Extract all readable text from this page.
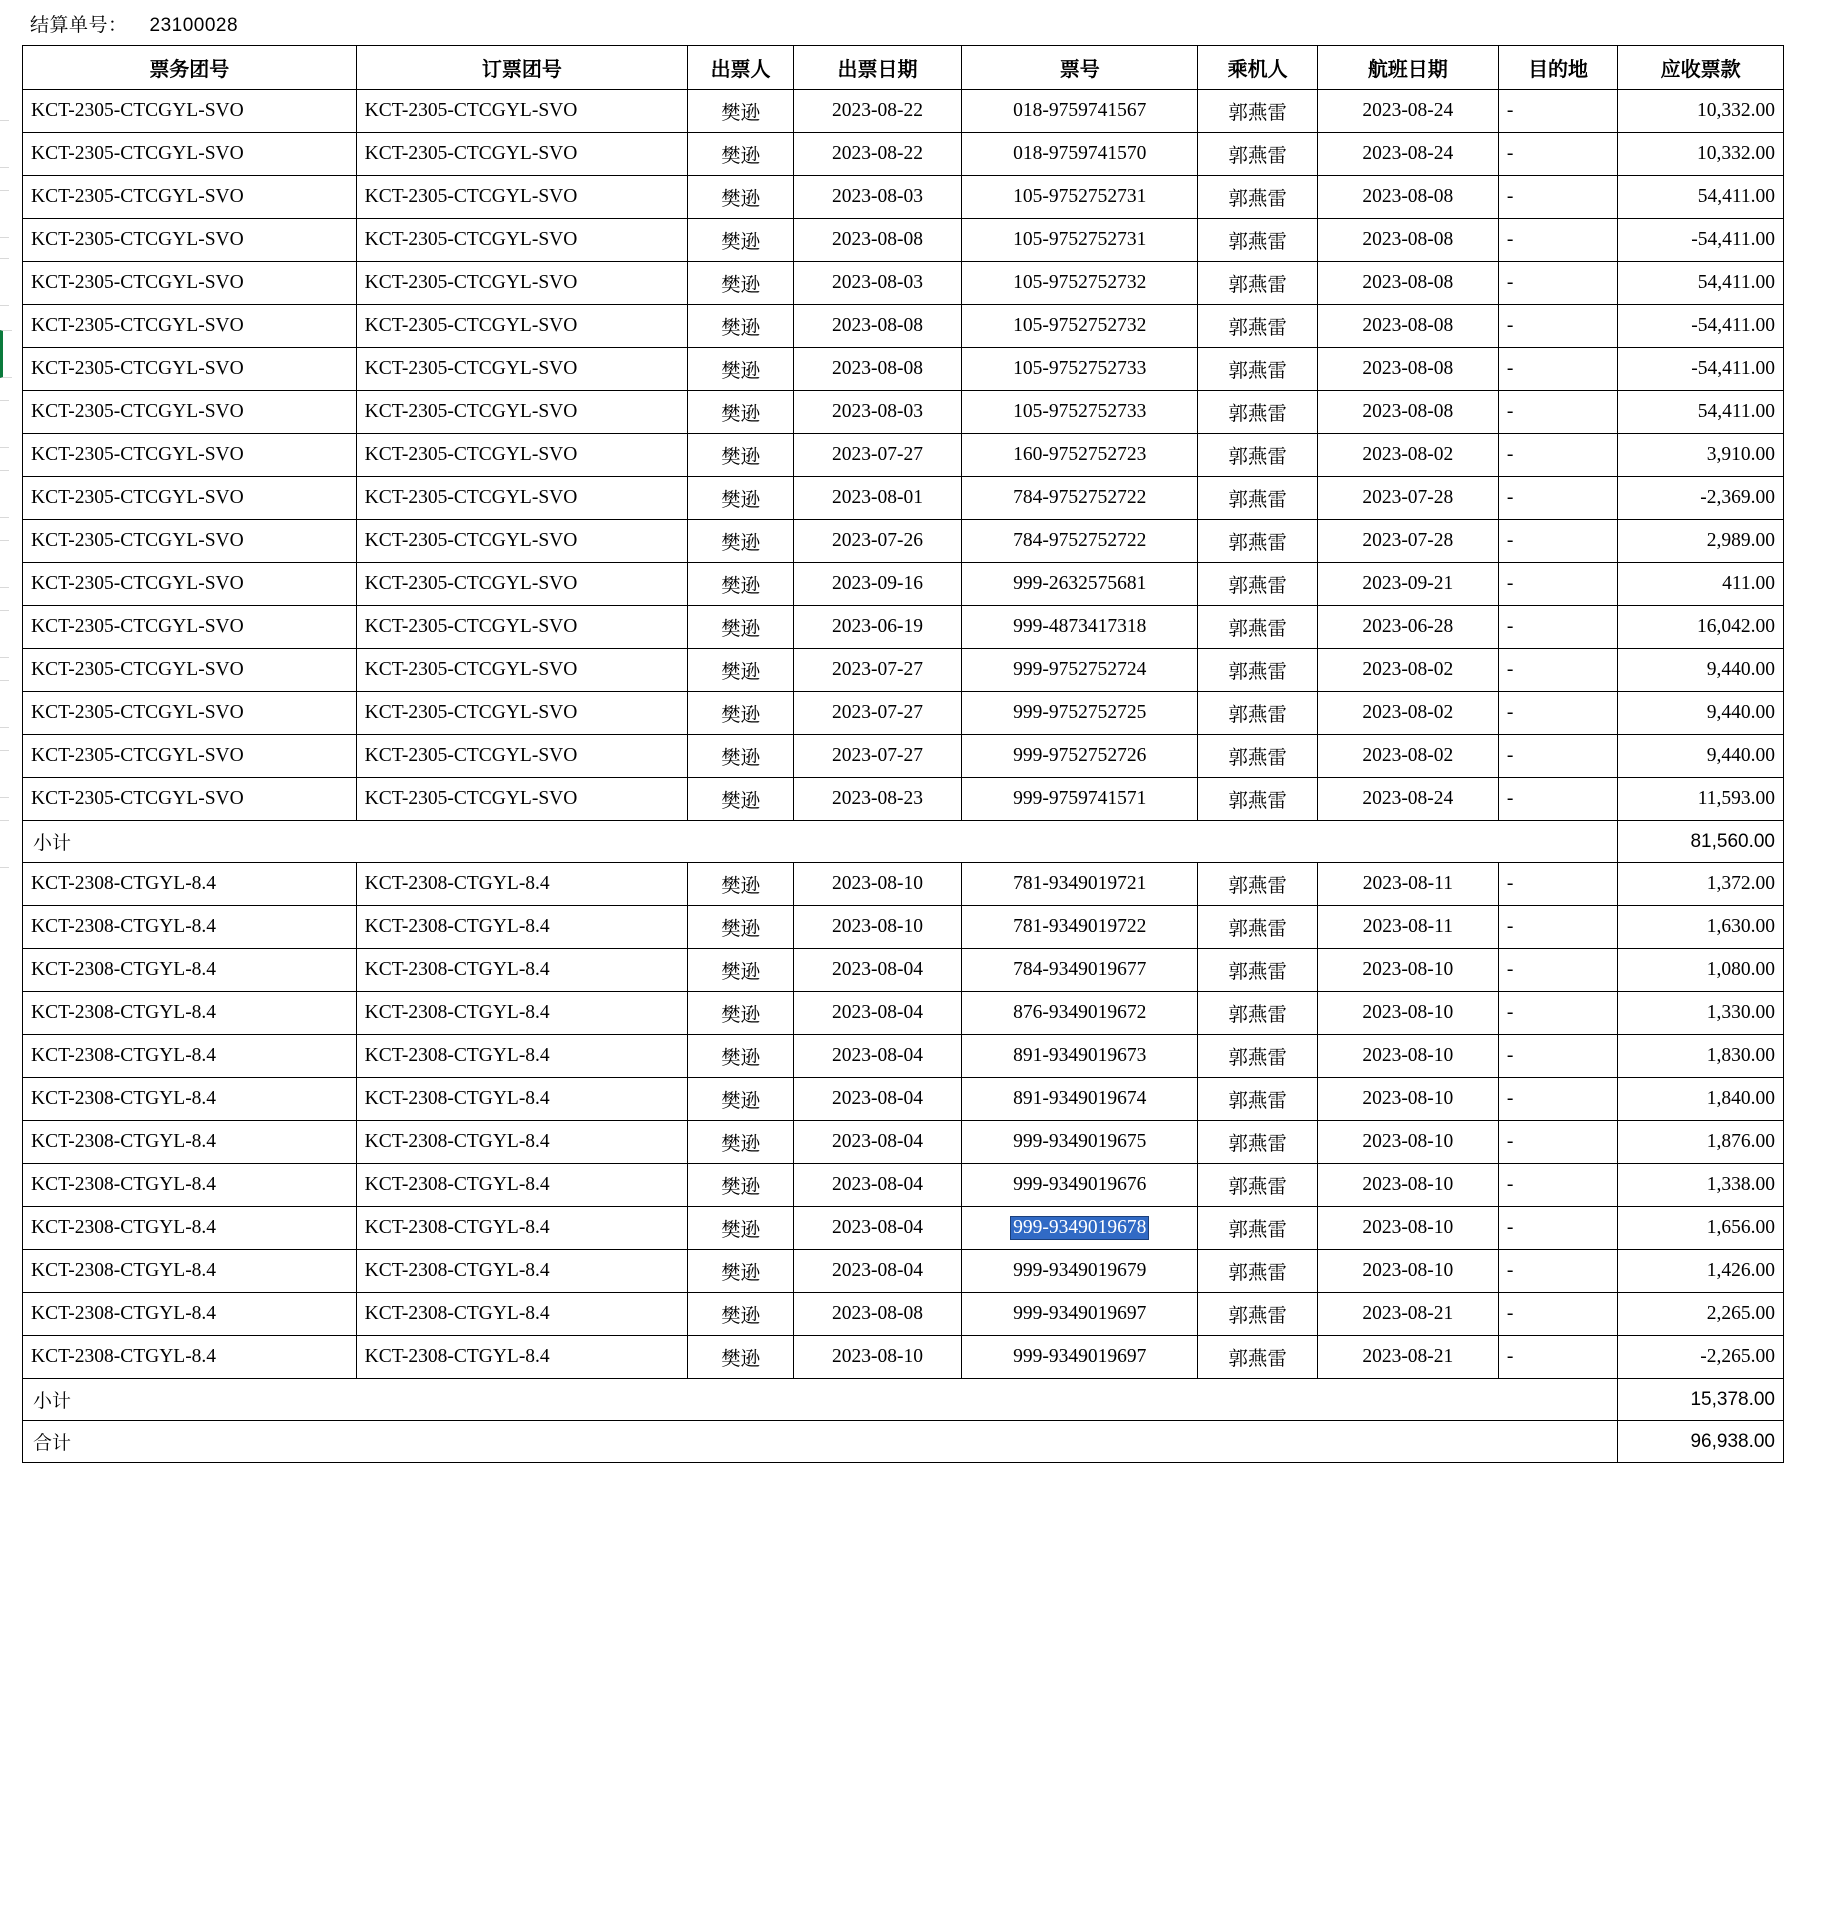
结算单号： 23100028
票务团号	订票团号	出票人	出票日期	票号	乘机人	航班日期	目的地	应收票款
KCT-2305-CTCGYL-SVO	KCT-2305-CTCGYL-SVO	樊逊	2023-08-22	018-9759741567	郭燕雷	2023-08-24	-	10,332.00
KCT-2305-CTCGYL-SVO	KCT-2305-CTCGYL-SVO	樊逊	2023-08-22	018-9759741570	郭燕雷	2023-08-24	-	10,332.00
KCT-2305-CTCGYL-SVO	KCT-2305-CTCGYL-SVO	樊逊	2023-08-03	105-9752752731	郭燕雷	2023-08-08	-	54,411.00
KCT-2305-CTCGYL-SVO	KCT-2305-CTCGYL-SVO	樊逊	2023-08-08	105-9752752731	郭燕雷	2023-08-08	-	-54,411.00
KCT-2305-CTCGYL-SVO	KCT-2305-CTCGYL-SVO	樊逊	2023-08-03	105-9752752732	郭燕雷	2023-08-08	-	54,411.00
KCT-2305-CTCGYL-SVO	KCT-2305-CTCGYL-SVO	樊逊	2023-08-08	105-9752752732	郭燕雷	2023-08-08	-	-54,411.00
KCT-2305-CTCGYL-SVO	KCT-2305-CTCGYL-SVO	樊逊	2023-08-08	105-9752752733	郭燕雷	2023-08-08	-	-54,411.00
KCT-2305-CTCGYL-SVO	KCT-2305-CTCGYL-SVO	樊逊	2023-08-03	105-9752752733	郭燕雷	2023-08-08	-	54,411.00
KCT-2305-CTCGYL-SVO	KCT-2305-CTCGYL-SVO	樊逊	2023-07-27	160-9752752723	郭燕雷	2023-08-02	-	3,910.00
KCT-2305-CTCGYL-SVO	KCT-2305-CTCGYL-SVO	樊逊	2023-08-01	784-9752752722	郭燕雷	2023-07-28	-	-2,369.00
KCT-2305-CTCGYL-SVO	KCT-2305-CTCGYL-SVO	樊逊	2023-07-26	784-9752752722	郭燕雷	2023-07-28	-	2,989.00
KCT-2305-CTCGYL-SVO	KCT-2305-CTCGYL-SVO	樊逊	2023-09-16	999-2632575681	郭燕雷	2023-09-21	-	411.00
KCT-2305-CTCGYL-SVO	KCT-2305-CTCGYL-SVO	樊逊	2023-06-19	999-4873417318	郭燕雷	2023-06-28	-	16,042.00
KCT-2305-CTCGYL-SVO	KCT-2305-CTCGYL-SVO	樊逊	2023-07-27	999-9752752724	郭燕雷	2023-08-02	-	9,440.00
KCT-2305-CTCGYL-SVO	KCT-2305-CTCGYL-SVO	樊逊	2023-07-27	999-9752752725	郭燕雷	2023-08-02	-	9,440.00
KCT-2305-CTCGYL-SVO	KCT-2305-CTCGYL-SVO	樊逊	2023-07-27	999-9752752726	郭燕雷	2023-08-02	-	9,440.00
KCT-2305-CTCGYL-SVO	KCT-2305-CTCGYL-SVO	樊逊	2023-08-23	999-9759741571	郭燕雷	2023-08-24	-	11,593.00
小计								81,560.00
KCT-2308-CTGYL-8.4	KCT-2308-CTGYL-8.4	樊逊	2023-08-10	781-9349019721	郭燕雷	2023-08-11	-	1,372.00
KCT-2308-CTGYL-8.4	KCT-2308-CTGYL-8.4	樊逊	2023-08-10	781-9349019722	郭燕雷	2023-08-11	-	1,630.00
KCT-2308-CTGYL-8.4	KCT-2308-CTGYL-8.4	樊逊	2023-08-04	784-9349019677	郭燕雷	2023-08-10	-	1,080.00
KCT-2308-CTGYL-8.4	KCT-2308-CTGYL-8.4	樊逊	2023-08-04	876-9349019672	郭燕雷	2023-08-10	-	1,330.00
KCT-2308-CTGYL-8.4	KCT-2308-CTGYL-8.4	樊逊	2023-08-04	891-9349019673	郭燕雷	2023-08-10	-	1,830.00
KCT-2308-CTGYL-8.4	KCT-2308-CTGYL-8.4	樊逊	2023-08-04	891-9349019674	郭燕雷	2023-08-10	-	1,840.00
KCT-2308-CTGYL-8.4	KCT-2308-CTGYL-8.4	樊逊	2023-08-04	999-9349019675	郭燕雷	2023-08-10	-	1,876.00
KCT-2308-CTGYL-8.4	KCT-2308-CTGYL-8.4	樊逊	2023-08-04	999-9349019676	郭燕雷	2023-08-10	-	1,338.00
KCT-2308-CTGYL-8.4	KCT-2308-CTGYL-8.4	樊逊	2023-08-04	999-9349019678	郭燕雷	2023-08-10	-	1,656.00
KCT-2308-CTGYL-8.4	KCT-2308-CTGYL-8.4	樊逊	2023-08-04	999-9349019679	郭燕雷	2023-08-10	-	1,426.00
KCT-2308-CTGYL-8.4	KCT-2308-CTGYL-8.4	樊逊	2023-08-08	999-9349019697	郭燕雷	2023-08-21	-	2,265.00
KCT-2308-CTGYL-8.4	KCT-2308-CTGYL-8.4	樊逊	2023-08-10	999-9349019697	郭燕雷	2023-08-21	-	-2,265.00
小计								15,378.00
合计								96,938.00
